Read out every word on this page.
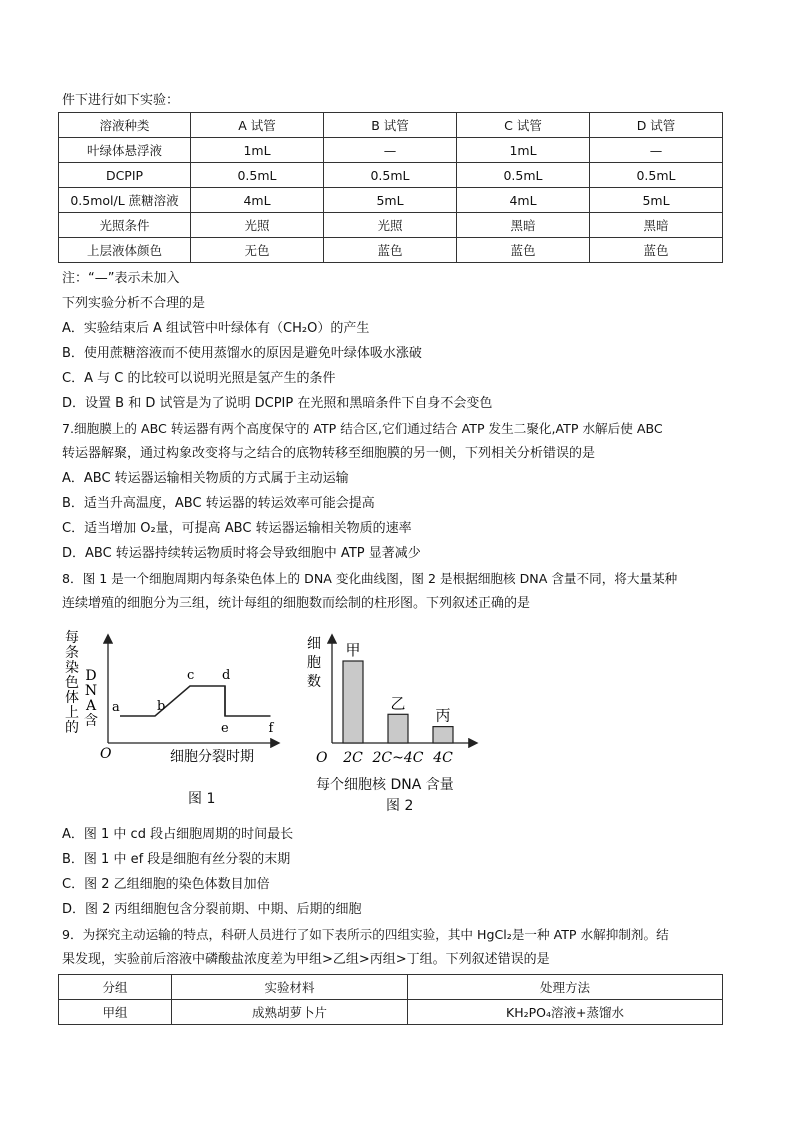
件下进行如下实验：
溶液种类	A 试管	B 试管	C 试管	D 试管
叶绿体悬浮液	1mL	—	1mL	—
DCPIP	0.5mL	0.5mL	0.5mL	0.5mL
0.5mol/L 蔗糖溶液	4mL	5mL	4mL	5mL
光照条件	光照	光照	黑暗	黑暗
上层液体颜色	无色	蓝色	蓝色	蓝色
注：“—”表示未加入
下列实验分析不合理的是
A．实验结束后 A 组试管中叶绿体有（CH₂O）的产生
B．使用蔗糖溶液而不使用蒸馏水的原因是避免叶绿体吸水涨破
C．A 与 C 的比较可以说明光照是氢产生的条件
D．设置 B 和 D 试管是为了说明 DCPIP 在光照和黑暗条件下自身不会变色
7.细胞膜上的 ABC 转运器有两个高度保守的 ATP 结合区,它们通过结合 ATP 发生二聚化,ATP 水解后使 ABC
转运器解聚，通过构象改变将与之结合的底物转移至细胞膜的另一侧，下列相关分析错误的是
A．ABC 转运器运输相关物质的方式属于主动运输
B．适当升高温度，ABC 转运器的转运效率可能会提高
C．适当增加 O₂量，可提高 ABC 转运器运输相关物质的速率
D．ABC 转运器持续转运物质时将会导致细胞中 ATP 显著减少
8．图 1 是一个细胞周期内每条染色体上的 DNA 变化曲线图，图 2 是根据细胞核 DNA 含量不同，将大量某种
连续增殖的细胞分为三组，统计每组的细胞数而绘制的柱形图。下列叙述正确的是
每条染色体上的D N A 含
O	细胞分裂时期
a	b
c d
e	f
图 1
细胞数
O
甲
2C
乙
2C~4C
丙
4C
每个细胞核 DNA 含量
图 2
A．图 1 中 cd 段占细胞周期的时间最长
B．图 1 中 ef 段是细胞有丝分裂的末期
C．图 2 乙组细胞的染色体数目加倍
D．图 2 丙组细胞包含分裂前期、中期、后期的细胞
9．为探究主动运输的特点，科研人员进行了如下表所示的四组实验，其中 HgCl₂是一种 ATP 水解抑制剂。结
果发现，实验前后溶液中磷酸盐浓度差为甲组>乙组>丙组>丁组。下列叙述错误的是
分组	实验材料	处理方法
甲组	成熟胡萝卜片	KH₂PO₄溶液+蒸馏水
